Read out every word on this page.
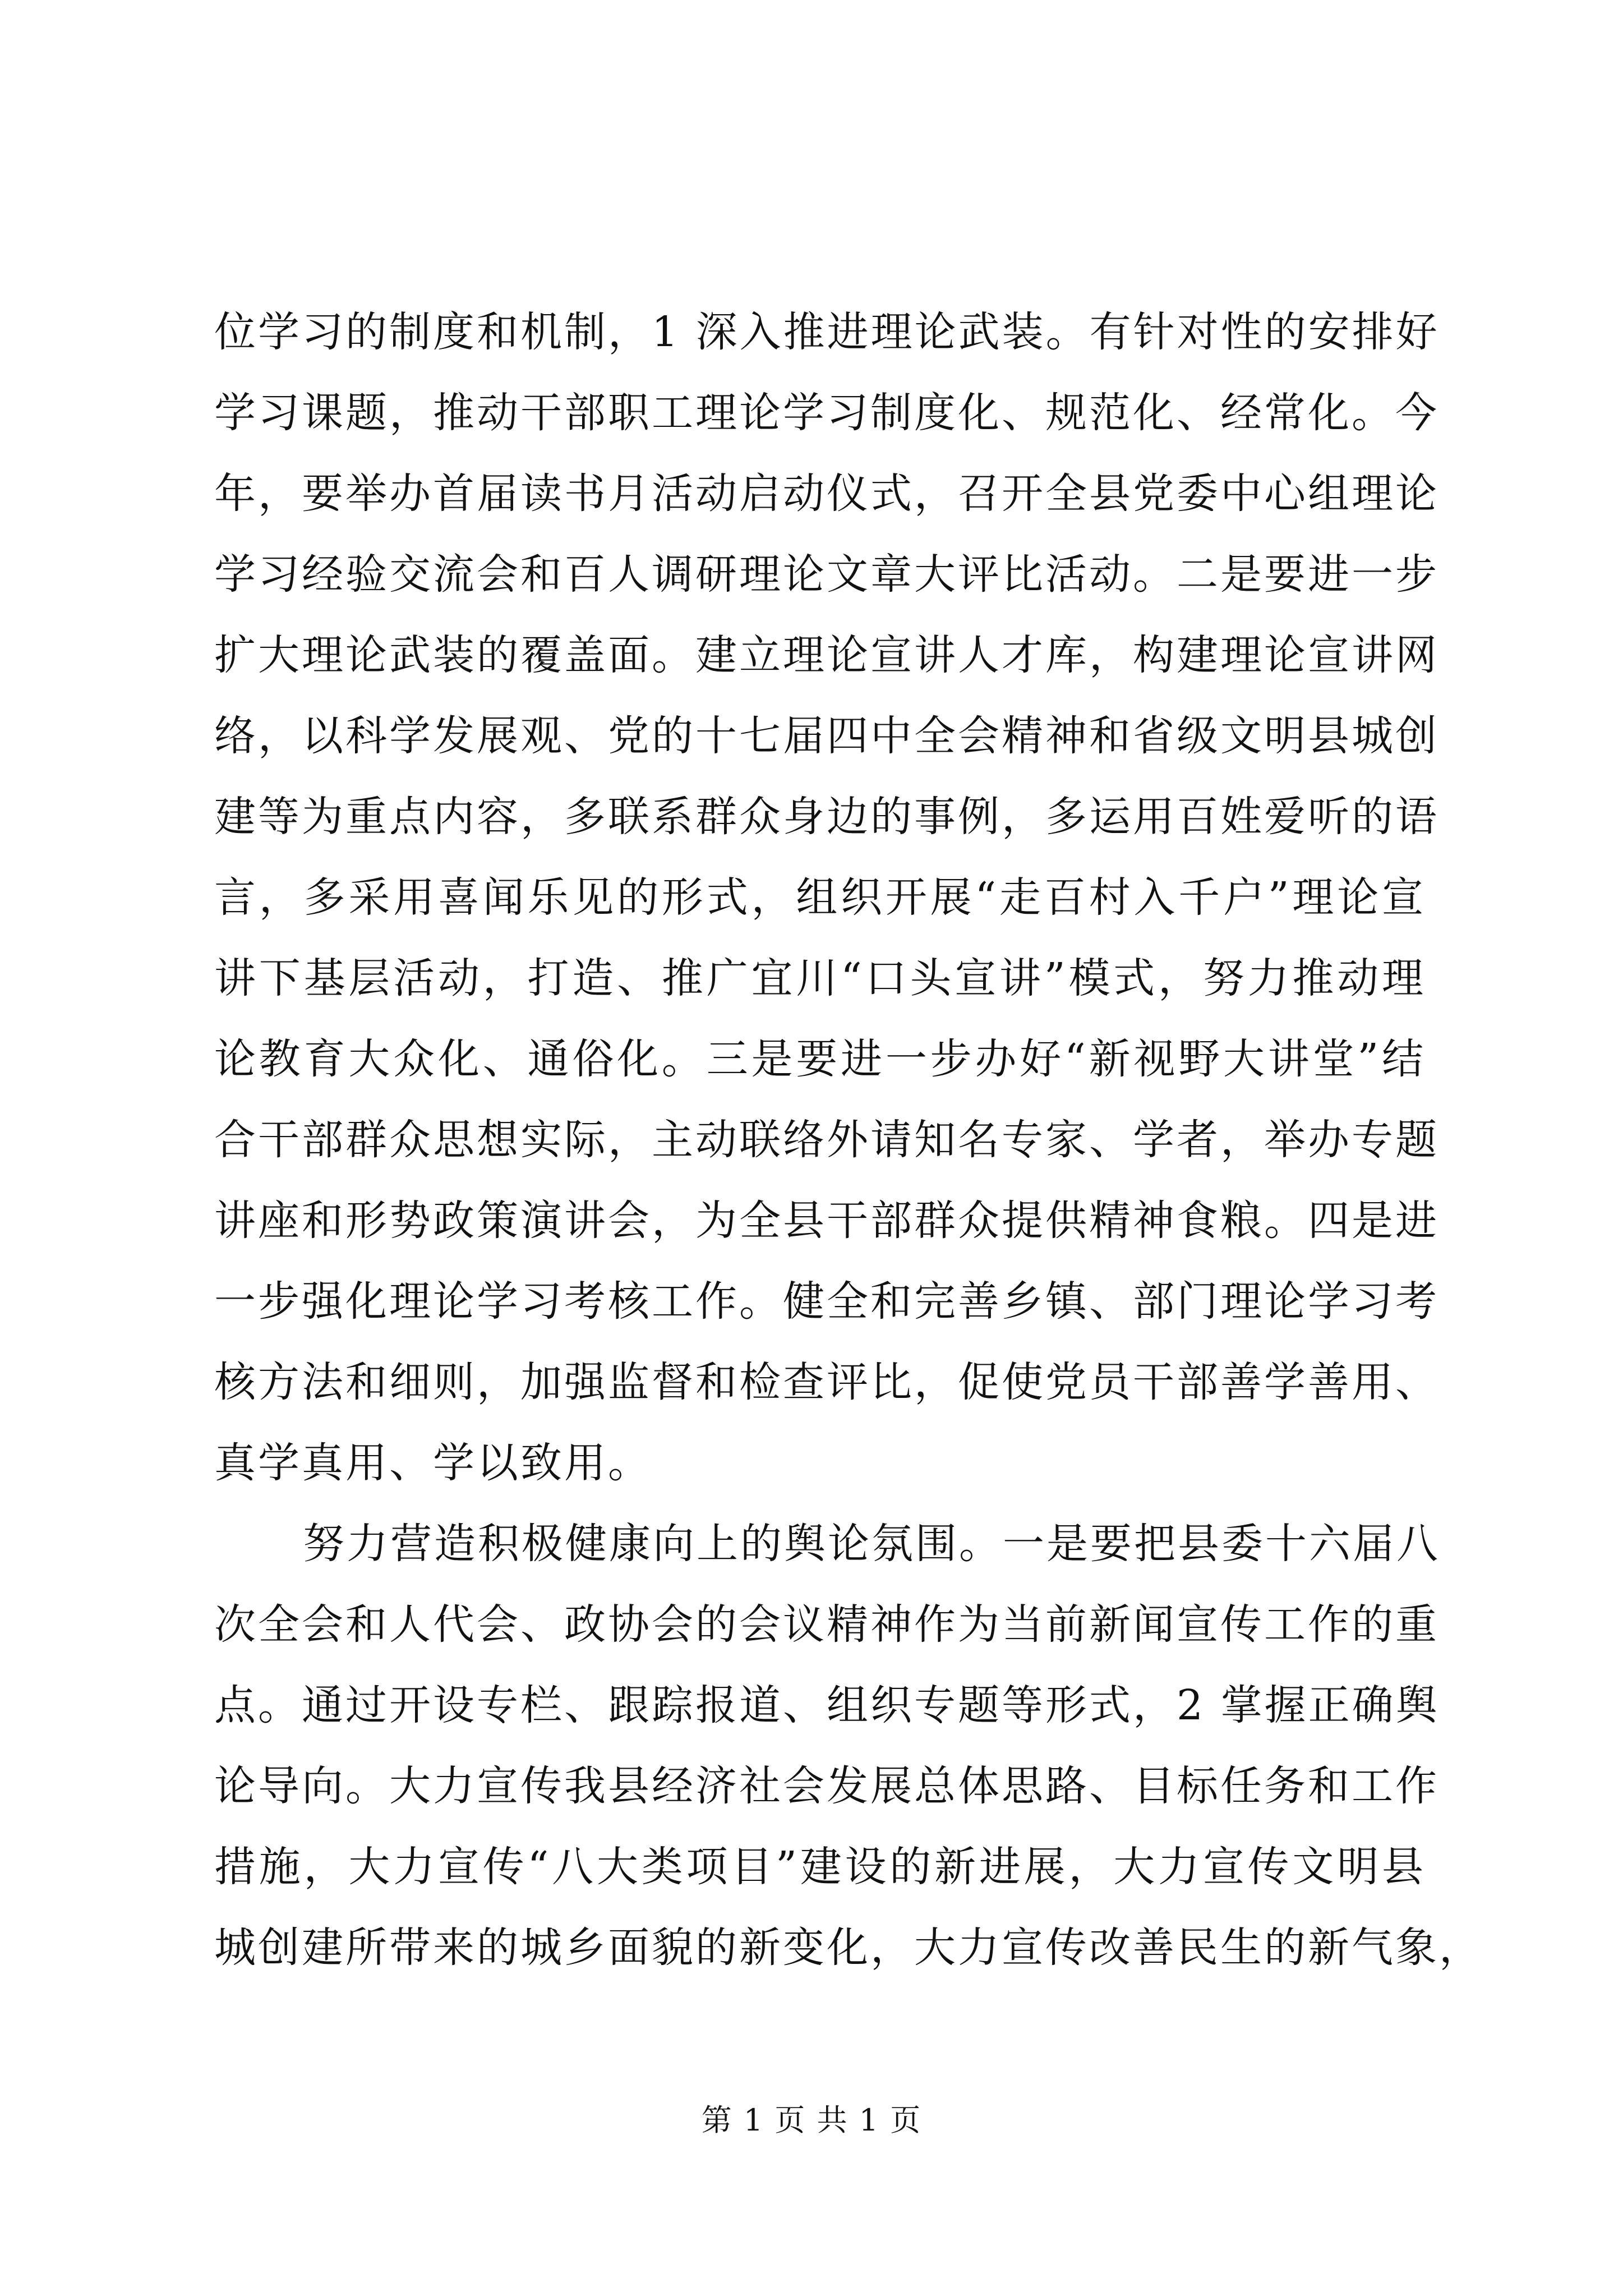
位学习的制度和机制，1 深入推进理论武装。有针对性的安排好
学习课题，推动干部职工理论学习制度化、规范化、经常化。今
年，要举办首届读书月活动启动仪式，召开全县党委中心组理论
学习经验交流会和百人调研理论文章大评比活动。二是要进一步
扩大理论武装的覆盖面。建立理论宣讲人才库，构建理论宣讲网
络，以科学发展观、党的十七届四中全会精神和省级文明县城创
建等为重点内容，多联系群众身边的事例，多运用百姓爱听的语
言，多采用喜闻乐见的形式，组织开展“走百村入千户”理论宣
讲下基层活动，打造、推广宜川“口头宣讲”模式，努力推动理
论教育大众化、通俗化。三是要进一步办好“新视野大讲堂”结
合干部群众思想实际，主动联络外请知名专家、学者，举办专题
讲座和形势政策演讲会，为全县干部群众提供精神食粮。四是进
一步强化理论学习考核工作。健全和完善乡镇、部门理论学习考
核方法和细则，加强监督和检查评比，促使党员干部善学善用、
真学真用、学以致用。
努力营造积极健康向上的舆论氛围。一是要把县委十六届八
次全会和人代会、政协会的会议精神作为当前新闻宣传工作的重
点。通过开设专栏、跟踪报道、组织专题等形式，2 掌握正确舆
论导向。大力宣传我县经济社会发展总体思路、目标任务和工作
措施，大力宣传“八大类项目”建设的新进展，大力宣传文明县
城创建所带来的城乡面貌的新变化，大力宣传改善民生的新气象，
第 1 页 共 1 页
